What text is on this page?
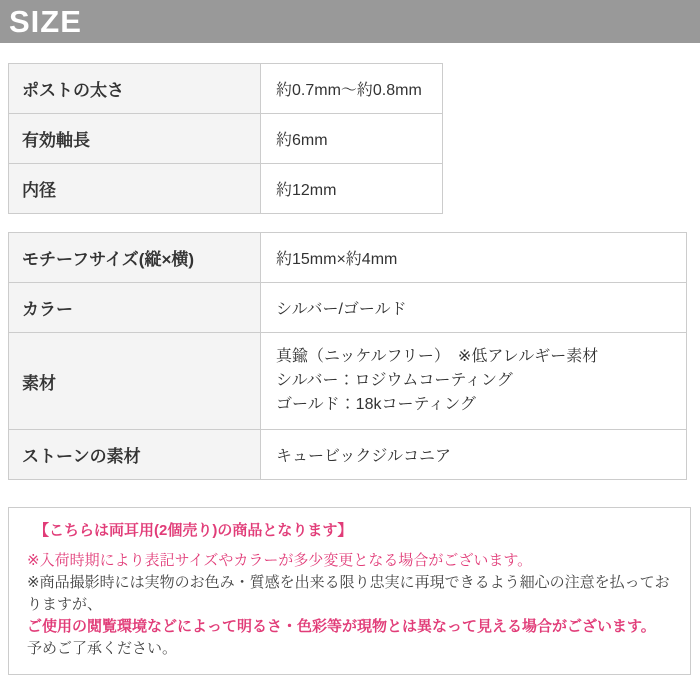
SIZE
ポストの太さ	約0.7mm〜約0.8mm
有効軸長	約6mm
内径	約12mm
モチーフサイズ(縦×横)	約15mm×約4mm
カラー	シルバー/ゴールド
素材	真鍮（ニッケルフリー）　※低アレルギー素材
シルバー：ロジウムコーティング
ゴールド：18kコーティング

ストーンの素材	キュービックジルコニア
【こちらは両耳用(2個売り)の商品となります】
※入荷時期により表記サイズやカラーが多少変更となる場合がございます。
※商品撮影時には実物のお色み・質感を出来る限り忠実に再現できるよう細心の注意を払っておりますが、
ご使用の閲覧環境などによって明るさ・色彩等が現物とは異なって見える場合がございます。
予めご了承ください。
